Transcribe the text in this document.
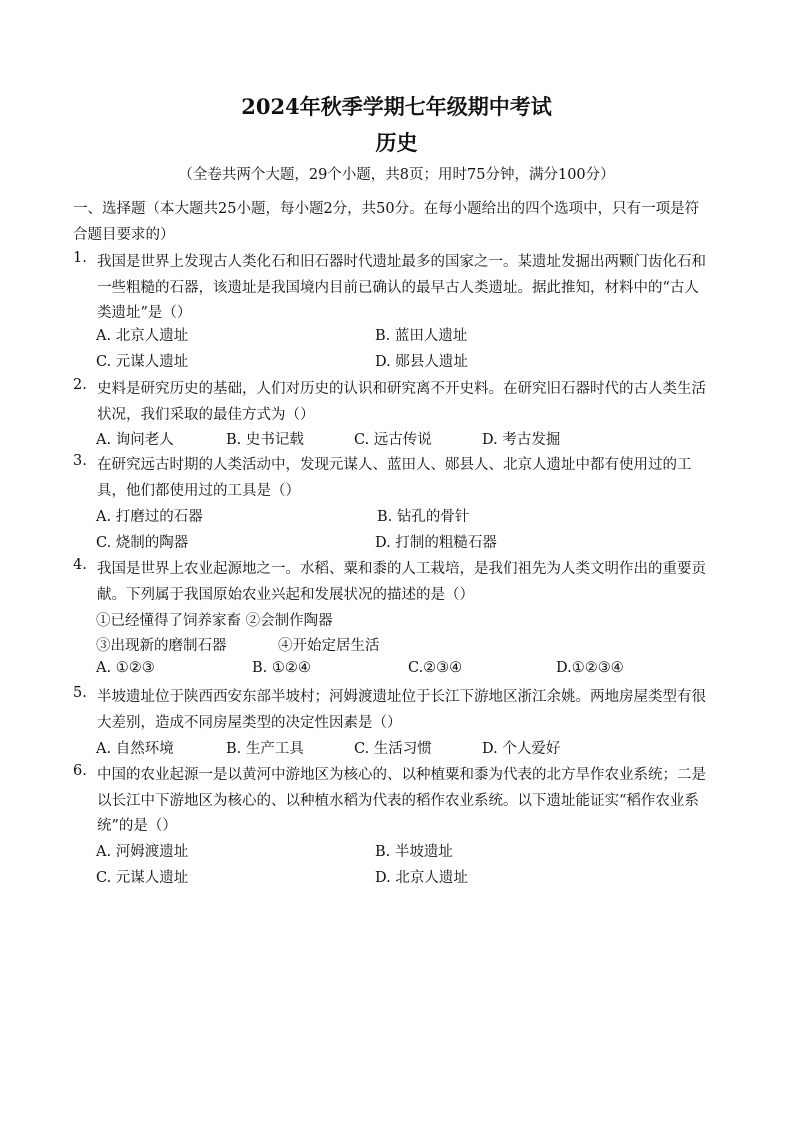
2024年秋季学期七年级期中考试
历史
（全卷共两个大题，29个小题，共8页；用时75分钟，满分100分）
一、选择题（本大题共25小题，每小题2分，共50分。在每小题给出的四个选项中，只有一项是符合题目要求的）
1. 我国是世界上发现古人类化石和旧石器时代遗址最多的国家之一。某遗址发掘出两颗门齿化石和一些粗糙的石器，该遗址是我国境内目前已确认的最早古人类遗址。据此推知，材料中的“古人类遗址”是（）
A. 北京人遗址	B. 蓝田人遗址
C. 元谋人遗址	D. 郧县人遗址
2. 史料是研究历史的基础，人们对历史的认识和研究离不开史料。在研究旧石器时代的古人类生活状况，我们采取的最佳方式为（）
A. 询问老人	B. 史书记载	C. 远古传说	D. 考古发掘
3. 在研究远古时期的人类活动中，发现元谋人、蓝田人、郧县人、北京人遗址中都有使用过的工具，他们都使用过的工具是（）
A. 打磨过的石器	B. 钻孔的骨针
C. 烧制的陶器	D. 打制的粗糙石器
4. 我国是世界上农业起源地之一。水稻、粟和黍的人工栽培，是我们祖先为人类文明作出的重要贡献。下列属于我国原始农业兴起和发展状况的描述的是（）
①已经懂得了饲养家畜 ②会制作陶器
③出现新的磨制石器	④开始定居生活
A. ①②③	B. ①②④	C.②③④	D.①②③④
5. 半坡遗址位于陕西西安东部半坡村；河姆渡遗址位于长江下游地区浙江余姚。两地房屋类型有很大差别，造成不同房屋类型的决定性因素是（）
A. 自然环境	B. 生产工具	C. 生活习惯	D. 个人爱好
6. 中国的农业起源一是以黄河中游地区为核心的、以种植粟和黍为代表的北方旱作农业系统；二是以长江中下游地区为核心的、以种植水稻为代表的稻作农业系统。以下遗址能证实“稻作农业系统”的是（）
A. 河姆渡遗址	B. 半坡遗址
C. 元谋人遗址	D. 北京人遗址
